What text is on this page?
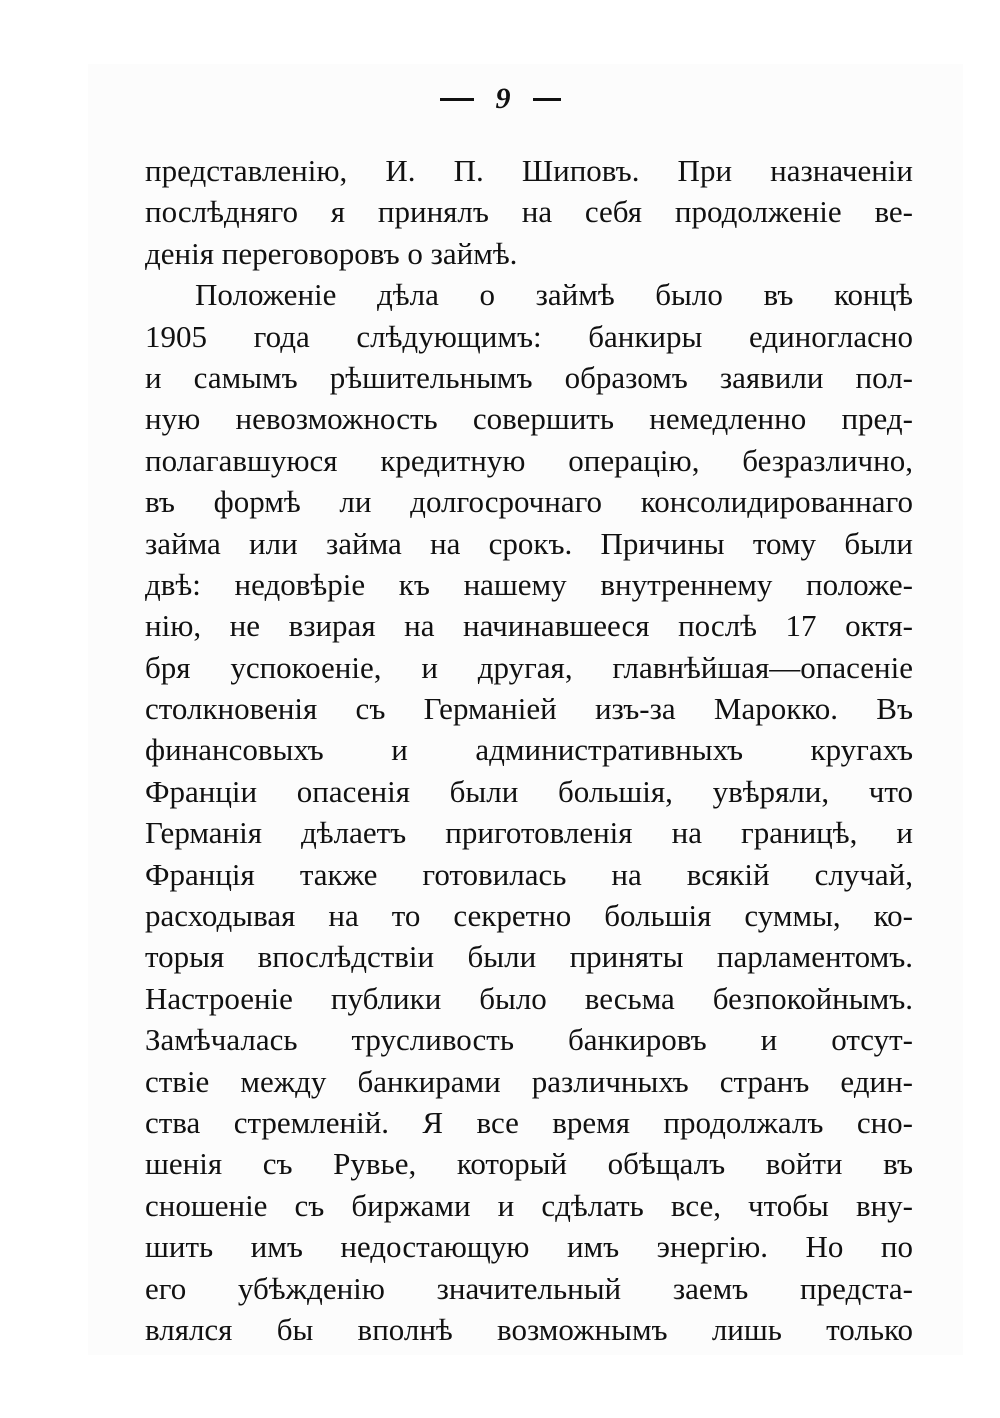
9
представленію, И. П. Шиповъ. При назначеніи
послѣдняго я принялъ на себя продолженіе ве-
денія переговоровъ о займѣ.
Положеніе дѣла о займѣ было въ концѣ
1905 года слѣдующимъ: банкиры единогласно
и самымъ рѣшительнымъ образомъ заявили пол-
ную невозможность совершить немедленно пред-
полагавшуюся кредитную операцію, безразлично,
въ формѣ ли долгосрочнаго консолидированнаго
займа или займа на срокъ. Причины тому были
двѣ: недовѣріе къ нашему внутреннему положе-
нію, не взирая на начинавшееся послѣ 17 октя-
бря успокоеніе, и другая, главнѣйшая—опасеніе
столкновенія съ Германіей изъ-за Марокко. Въ
финансовыхъ и административныхъ кругахъ
Франціи опасенія были большія, увѣряли, что
Германія дѣлаетъ приготовленія на границѣ, и
Франція также готовилась на всякій случай,
расходывая на то секретно большія суммы, ко-
торыя впослѣдствіи были приняты парламентомъ.
Настроеніе публики было весьма безпокойнымъ.
Замѣчалась трусливость банкировъ и отсут-
ствіе между банкирами различныхъ странъ един-
ства стремленій. Я все время продолжалъ сно-
шенія съ Рувье, который обѣщалъ войти въ
сношеніе съ биржами и сдѣлать все, чтобы вну-
шить имъ недостающую имъ энергію. Но по
его убѣжденію значительный заемъ предста-
влялся бы вполнѣ возможнымъ лишь только
